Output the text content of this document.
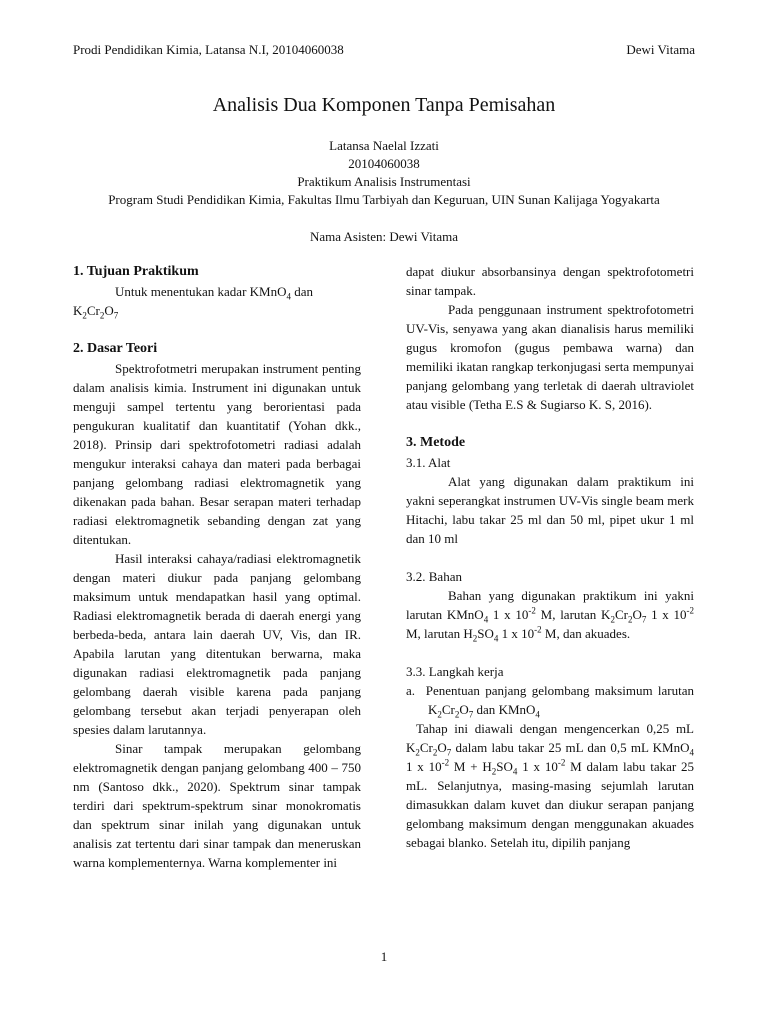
Prodi Pendidikan Kimia, Latansa N.I, 20104060038	Dewi Vitama
Analisis Dua Komponen Tanpa Pemisahan
Latansa Naelal Izzati
20104060038
Praktikum Analisis Instrumentasi
Program Studi Pendidikan Kimia, Fakultas Ilmu Tarbiyah dan Keguruan, UIN Sunan Kalijaga Yogyakarta
Nama Asisten: Dewi Vitama
1. Tujuan Praktikum

Untuk menentukan kadar KMnO$_4$ dan

$K_2Cr_2O_7$

2. Dasar Teori

Spektrofotmetri merupakan instrument penting dalam analisis kimia. Instrument ini digunakan untuk menguji sampel tertentu yang berorientasi pada pengukuran kualitatif dan kuantitatif (Yohan dkk., 2018). Prinsip dari spektrofotometri radiasi adalah mengukur interaksi cahaya dan materi pada berbagai panjang gelombang radiasi elektromagnetik yang dikenakan pada bahan. Besar serapan materi terhadap radiasi elektromagnetik sebanding dengan zat yang ditentukan.

Hasil interaksi cahaya/radiasi elektromagnetik dengan materi diukur pada panjang gelombang maksimum untuk mendapatkan hasil yang optimal. Radiasi elektromagnetik berada di daerah energi yang berbeda-beda, antara lain daerah UV, Vis, dan IR. Apabila larutan yang ditentukan berwarna, maka digunakan radiasi elektromagnetik pada panjang gelombang daerah visible karena pada panjang gelombang tersebut akan terjadi penyerapan oleh spesies dalam larutannya.

Sinar tampak merupakan gelombang elektromagnetik dengan panjang gelombang 400 – 750 nm (Santoso dkk., 2020). Spektrum sinar tampak terdiri dari spektrum-spektrum sinar monokromatis dan spektrum sinar inilah yang digunakan untuk analisis zat tertentu dari sinar tampak dan meneruskan warna komplementernya. Warna komplementer ini

dapat diukur absorbansinya dengan spektrofotometri sinar tampak.

Pada penggunaan instrument spektrofotometri UV-Vis, senyawa yang akan dianalisis harus memiliki gugus kromofon (gugus pembawa warna) dan memiliki ikatan rangkap terkonjugasi serta mempunyai panjang gelombang yang terletak di daerah ultraviolet atau visible (Tetha E.S & Sugiarso K. S, 2016).

3. Metode

3.1. Alat

Alat yang digunakan dalam praktikum ini yakni seperangkat instrumen UV-Vis single beam merk Hitachi, labu takar 25 ml dan 50 ml, pipet ukur 1 ml dan 10 ml

3.2. Bahan

Bahan yang digunakan praktikum ini yakni larutan KMnO$_4$ 1 x $10^{-2}$ M, larutan $K_2Cr_2O_7$ 1 x $10^{-2}$ M, larutan $H_2SO_4$ 1 x $10^{-2}$ M, dan akuades.

3.3. Langkah kerja

a. Penentuan panjang gelombang maksimum larutan $K_2Cr_2O_7$ dan KMnO$_4$

Tahap ini diawali dengan mengencerkan 0,25 mL $K_2Cr_2O_7$ dalam labu takar 25 mL dan 0,5 mL KMnO$_4$ 1 x $10^{-2}$ $M + H_2SO_4$ 1 x $10^{-2}$ M dalam labu takar 25 mL. Selanjutnya, masing-masing sejumlah larutan dimasukkan dalam kuvet dan diukur serapan panjang gelombang maksimum dengan menggunakan akuades sebagai blanko. Setelah itu, dipilih panjang

1
